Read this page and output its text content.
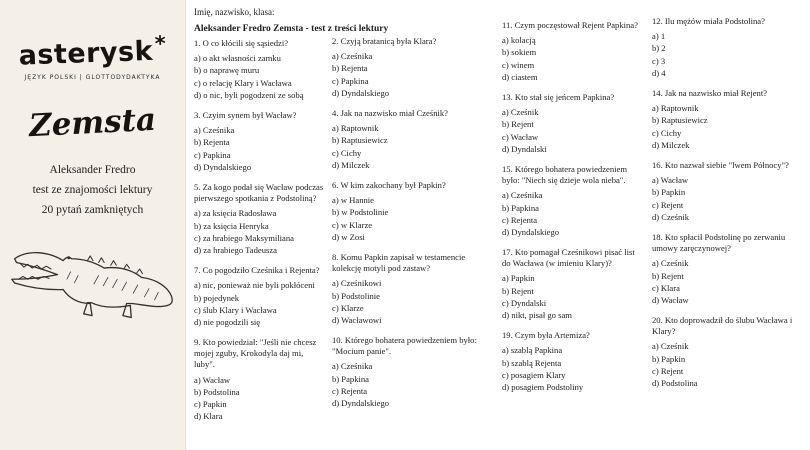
asterysk*
JĘZYK POLSKI | GLOTTODYDAKTYKA
Zemsta
Aleksander Fredro
test ze znajomości lektury
20 pytań zamkniętych
1. O co kłócili się sąsiedzi?
a) o akt własności zamku
b) o naprawę muru
c) o relację Klary i Wacława
d) o nic, byli pogodzeni ze sobą
3. Czyim synem był Wacław?
a) Cześnika
b) Rejenta
c) Papkina
d) Dyndalskiego
5. Za kogo podał się Wacław podczas pierwszego spotkania z Podstoliną?
a) za księcia Radosława
b) za księcia Henryka
c) za hrabiego Maksymiliana
d) za hrabiego Tadeusza
7. Co pogodziło Cześnika i Rejenta?
a) nic, ponieważ nie byli pokłóceni
b) pojedynek
c) ślub Klary i Wacława
d) nie pogodzili się
9. Kto powiedział: "Jeśli nie chcesz mojej zguby, Krokodyla daj mi, luby".
a) Wacław
b) Podstolina
c) Papkin
d) Klara
2. Czyją bratanicą była Klara?
a) Cześnika
b) Rejenta
c) Papkina
d) Dyndalskiego
4. Jak na nazwisko miał Cześnik?
a) Raptownik
b) Raptusiewicz
c) Cichy
d) Milczek
6. W kim zakochany był Papkin?
a) w Hannie
b) w Podstolinie
c) w Klarze
d) w Zosi
8. Komu Papkin zapisał w testamencie kolekcję motyli pod zastaw?
a) Cześnikowi
b) Podstolinie
c) Klarze
d) Wacławowi
10. Którego bohatera powiedzeniem było: "Mocium panie".
a) Cześnika
b) Papkina
c) Rejenta
d) Dyndalskiego
11. Czym poczęstował Rejent Papkina?
a) kolacją
b) sokiem
c) winem
d) ciastem
13. Kto stał się jeńcem Papkina?
a) Cześnik
b) Rejent
c) Wacław
d) Dyndalski
15. Którego bohatera powiedzeniem było: "Niech się dzieje wola nieba".
a) Cześnika
b) Papkina
c) Rejenta
d) Dyndalskiego
17. Kto pomagał Cześnikowi pisać list do Wacława (w imieniu Klary)?
a) Papkin
b) Rejent
c) Dyndalski
d) nikt, pisał go sam
19. Czym była Artemiza?
a) szablą Papkina
b) szablą Rejenta
c) posagiem Klary
d) posagiem Podstoliny
12. Ilu mężów miała Podstolina?
a) 1
b) 2
c) 3
d) 4
14. Jak na nazwisko miał Rejent?
a) Raptownik
b) Raptusiewicz
c) Cichy
d) Milczek
16. Kto nazwał siebie "lwem Północy"?
a) Wacław
b) Papkin
c) Rejent
d) Cześnik
18. Kto spłacił Podstolinę po zerwaniu umowy zaręczynowej?
a) Cześnik
b) Rejent
c) Klara
d) Wacław
20. Kto doprowadził do ślubu Wacława i Klary?
a) Cześnik
b) Papkin
c) Rejent
d) Podstolina
Imię, nazwisko, klasa:
Aleksander Fredro Zemsta - test z treści lektury
